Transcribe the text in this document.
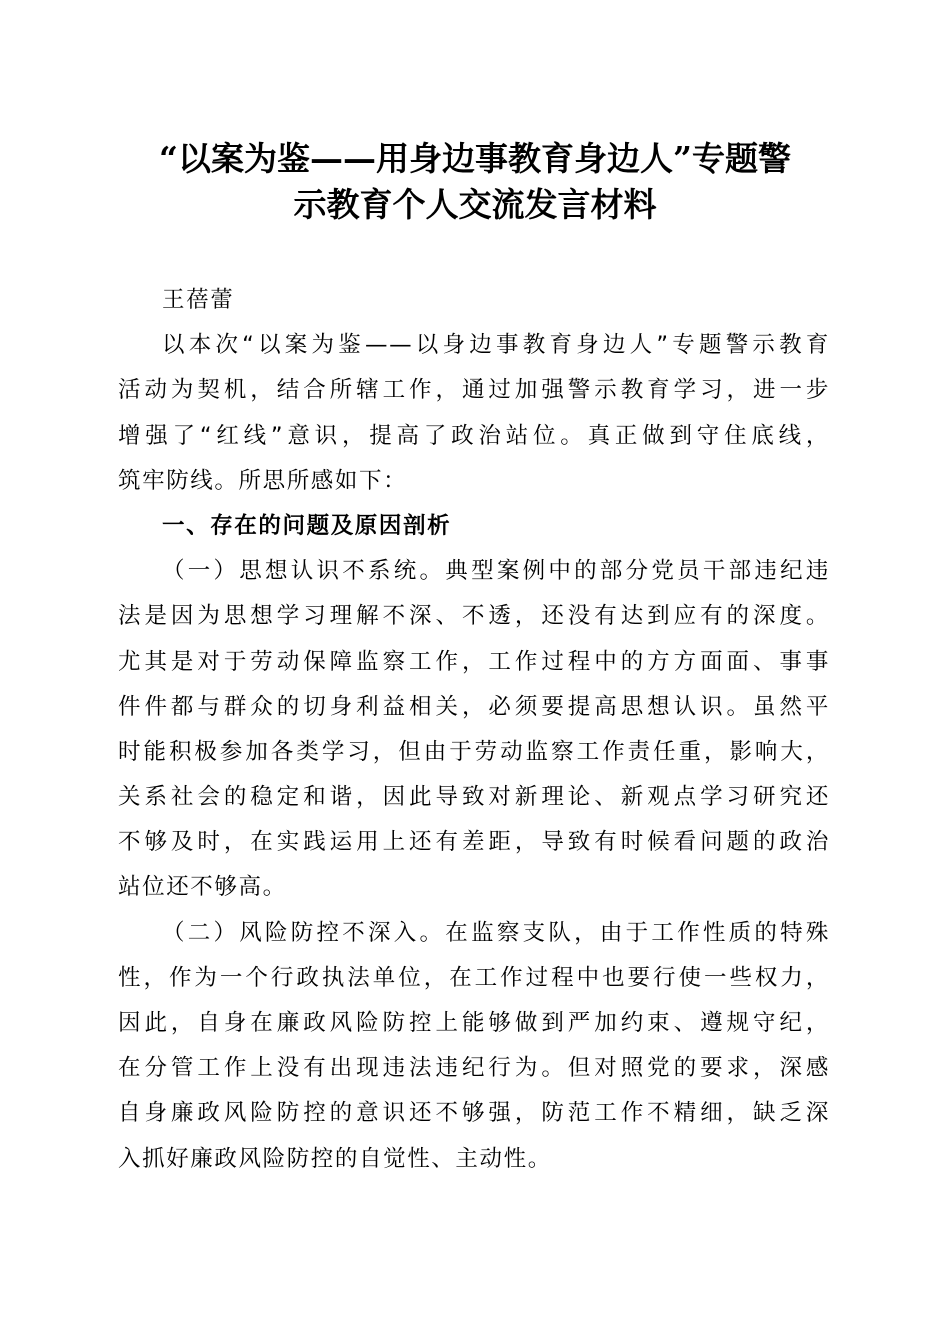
“以案为鉴——用身边事教育身边人”专题警
示教育个人交流发言材料
王蓓蕾
以本次“以案为鉴——以身边事教育身边人”专题警示教育
活动为契机，结合所辖工作，通过加强警示教育学习，进一步
增强了“红线”意识，提高了政治站位。真正做到守住底线，
筑牢防线。所思所感如下：
一、存在的问题及原因剖析
（一）思想认识不系统。典型案例中的部分党员干部违纪违
法是因为思想学习理解不深、不透，还没有达到应有的深度。
尤其是对于劳动保障监察工作，工作过程中的方方面面、事事
件件都与群众的切身利益相关，必须要提高思想认识。虽然平
时能积极参加各类学习，但由于劳动监察工作责任重，影响大，
关系社会的稳定和谐，因此导致对新理论、新观点学习研究还
不够及时，在实践运用上还有差距，导致有时候看问题的政治
站位还不够高。
（二）风险防控不深入。在监察支队，由于工作性质的特殊
性，作为一个行政执法单位，在工作过程中也要行使一些权力，
因此，自身在廉政风险防控上能够做到严加约束、遵规守纪，
在分管工作上没有出现违法违纪行为。但对照党的要求，深感
自身廉政风险防控的意识还不够强，防范工作不精细，缺乏深
入抓好廉政风险防控的自觉性、主动性。
